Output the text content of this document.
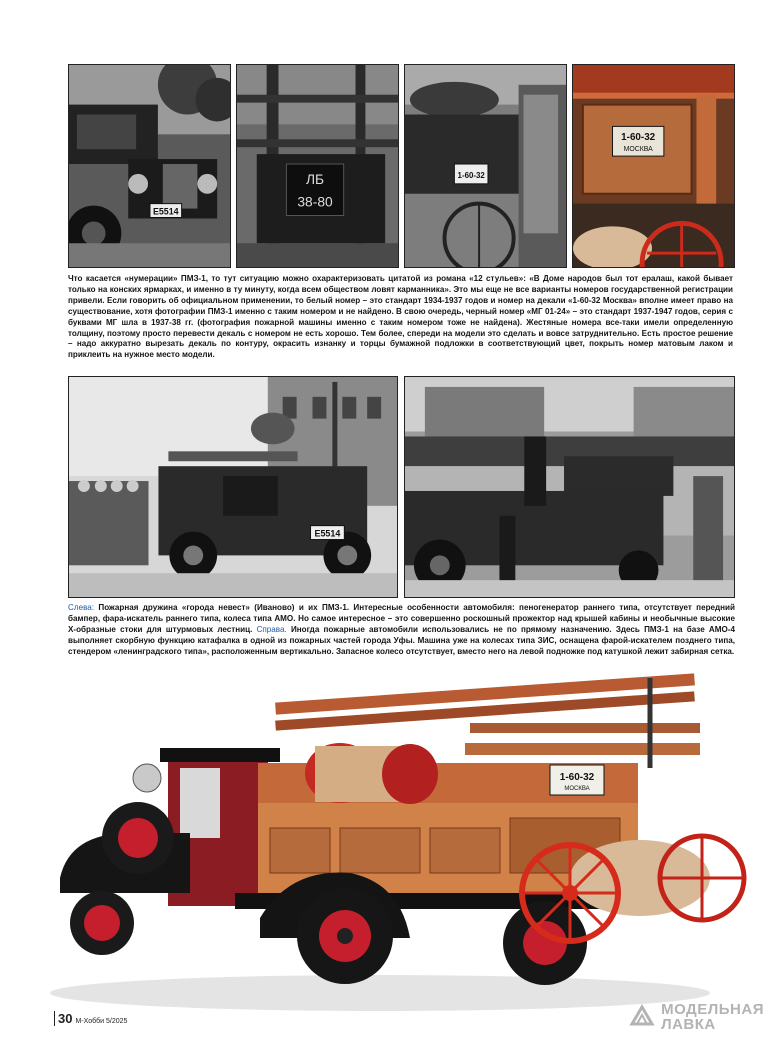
E5514
ЛБ
38-80
1-60-32
1-60-32
МОСКВА

Что касается «нумерации» ПМЗ-1, то тут ситуацию можно охарактеризовать цитатой из романа «12 стульев»: «В Доме народов был тот ералаш, какой бывает только на конских ярмарках, и именно в ту минуту, когда всем обществом ловят карманника». Это мы еще не все варианты номеров государственной регистрации привели. Если говорить об официальном применении, то белый номер – это стандарт 1934-1937 годов и номер на декали «1-60-32 Москва» вполне имеет право на существование, хотя фотографии ПМЗ-1 именно с таким номером и не найдено. В свою очередь, черный номер «МГ 01-24» – это стандарт 1937-1947 годов, серия с буквами МГ шла в 1937-38 гг. (фотография пожарной машины именно с таким номером тоже не найдена). Жестяные номера все-таки имели определенную толщину, поэтому просто перевести декаль с номером не есть хорошо. Тем более, спереди на модели это сделать и вовсе затруднительно. Есть простое решение – надо аккуратно вырезать декаль по контуру, окрасить изнанку и торцы бумажной подложки в соответствующий цвет, покрыть номер матовым лаком и приклеить на нужное место модели.

E5514

Слева: Пожарная дружина «города невест» (Иваново) и их ПМЗ-1. Интересные особенности автомобиля: пеногенератор раннего типа, отсутствует передний бампер, фара-искатель раннего типа, колеса типа АМО. Но самое интересное – это совершенно роскошный прожектор над крышей кабины и необычные высокие Х-образные стоки для штурмовых лестниц. Справа. Иногда пожарные автомобили использовались не по прямому назначению. Здесь ПМЗ-1 на базе АМО-4 выполняет скорбную функцию катафалка в одной из пожарных частей города Уфы. Машина уже на колесах типа ЗИС, оснащена фарой-искателем позднего типа, стендером «ленинградского типа», расположенным вертикально. Запасное колесо отсутствует, вместо него на левой подножке под катушкой лежит забирная сетка.

1-60-32
МОСКВА
30 М-Хобби 5/2025
МОДЕЛЬНАЯ
ЛАВКА
